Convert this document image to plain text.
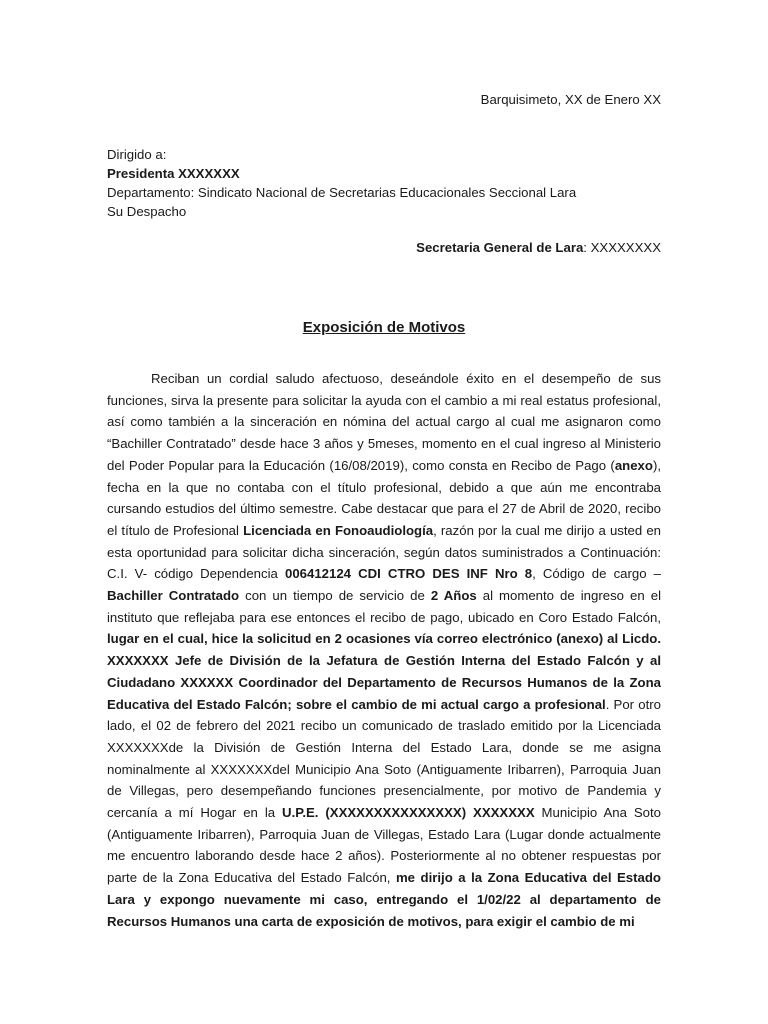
Barquisimeto, XX de Enero XX
Dirigido a:
Presidenta XXXXXXX
Departamento: Sindicato Nacional de Secretarias Educacionales Seccional Lara
Su Despacho
Secretaria General de Lara: XXXXXXXX
Exposición de Motivos
Reciban un cordial saludo afectuoso, deseándole éxito en el desempeño de sus funciones, sirva la presente para solicitar la ayuda con el cambio a mi real estatus profesional, así como también a la sinceración en nómina del actual cargo al cual me asignaron como “Bachiller Contratado” desde hace 3 años y 5meses, momento en el cual ingreso al Ministerio del Poder Popular para la Educación (16/08/2019), como consta en Recibo de Pago (anexo), fecha en la que no contaba con el título profesional, debido a que aún me encontraba cursando estudios del último semestre. Cabe destacar que para el 27 de Abril de 2020, recibo el título de Profesional Licenciada en Fonoaudiología, razón por la cual me dirijo a usted en esta oportunidad para solicitar dicha sinceración, según datos suministrados a Continuación: C.I. V- código Dependencia 006412124 CDI CTRO DES INF Nro 8, Código de cargo –Bachiller Contratado con un tiempo de servicio de 2 Años al momento de ingreso en el instituto que reflejaba para ese entonces el recibo de pago, ubicado en Coro Estado Falcón, lugar en el cual, hice la solicitud en 2 ocasiones vía correo electrónico (anexo) al Licdo. XXXXXXX Jefe de División de la Jefatura de Gestión Interna del Estado Falcón y al Ciudadano XXXXXX Coordinador del Departamento de Recursos Humanos de la Zona Educativa del Estado Falcón; sobre el cambio de mi actual cargo a profesional. Por otro lado, el 02 de febrero del 2021 recibo un comunicado de traslado emitido por la Licenciada XXXXXXXde la División de Gestión Interna del Estado Lara, donde se me asigna nominalmente al XXXXXXXdel Municipio Ana Soto (Antiguamente Iribarren), Parroquia Juan de Villegas, pero desempeñando funciones presencialmente, por motivo de Pandemia y cercanía a mí Hogar en la U.P.E. (XXXXXXXXXXXXXXX) XXXXXXX Municipio Ana Soto (Antiguamente Iribarren), Parroquia Juan de Villegas, Estado Lara (Lugar donde actualmente me encuentro laborando desde hace 2 años). Posteriormente al no obtener respuestas por parte de la Zona Educativa del Estado Falcón, me dirijo a la Zona Educativa del Estado Lara y expongo nuevamente mi caso, entregando el 1/02/22 al departamento de Recursos Humanos una carta de exposición de motivos, para exigir el cambio de mi
